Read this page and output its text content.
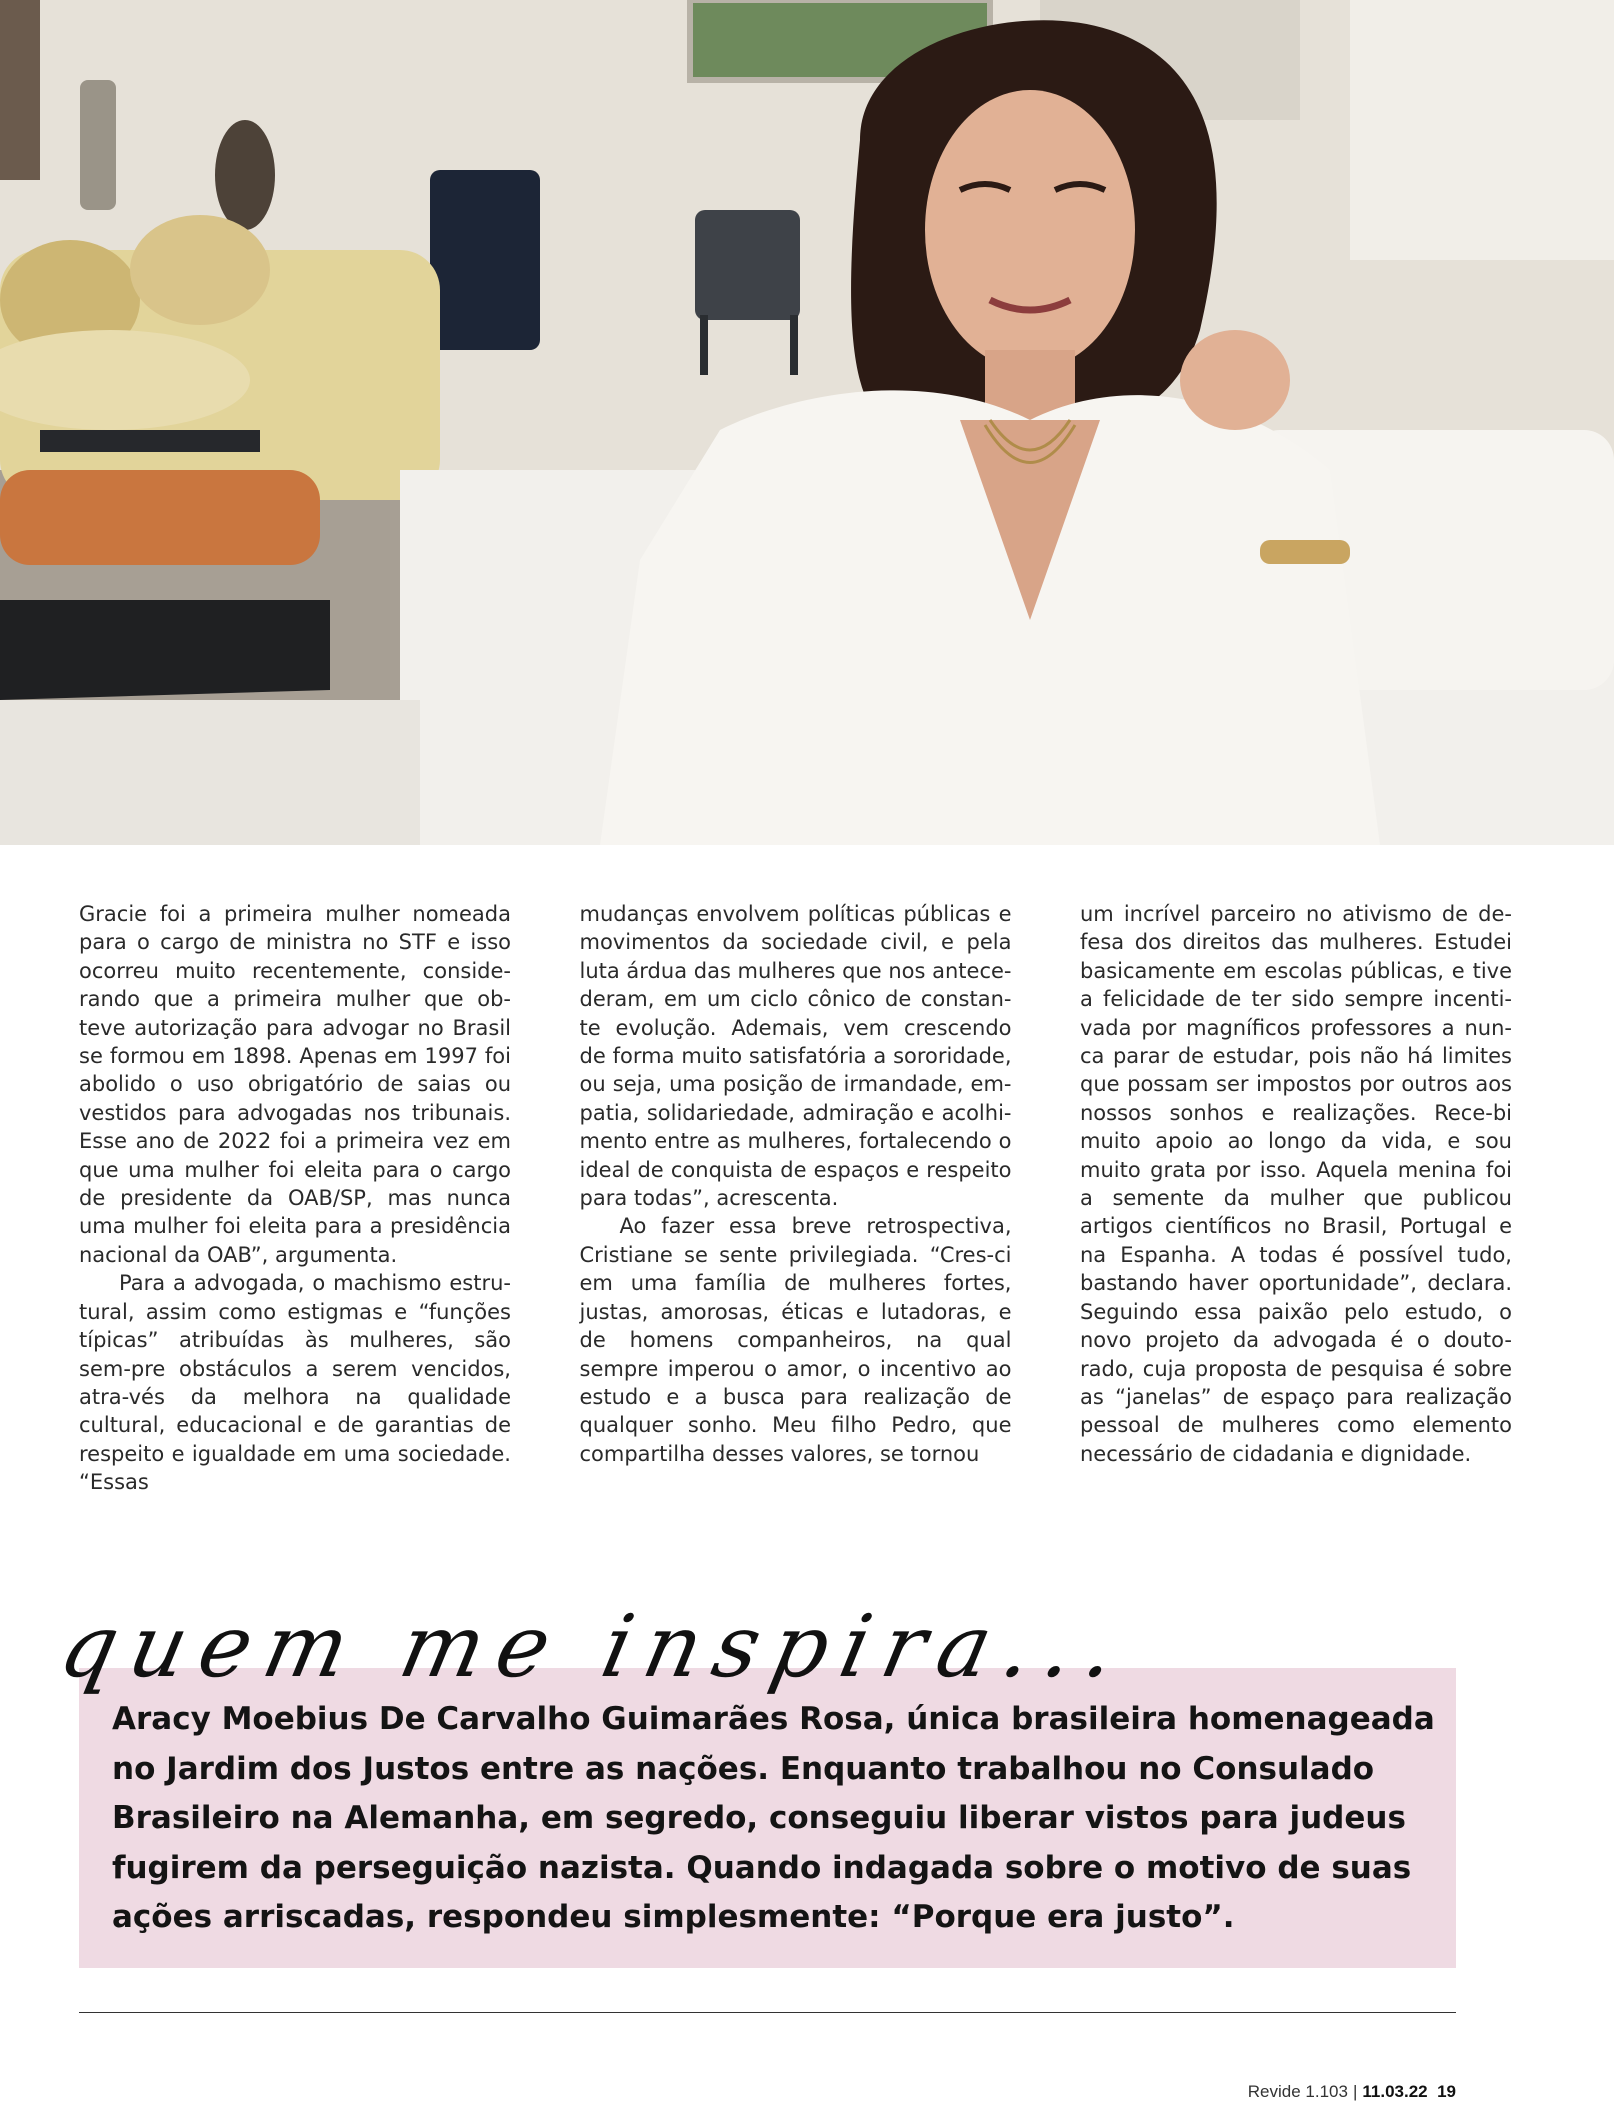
Gracie foi a primeira mulher nomeada para o cargo de ministra no STF e isso ocorreu muito recentemente, conside-rando que a primeira mulher que ob-teve autorização para advogar no Brasil se formou em 1898. Apenas em 1997 foi abolido o uso obrigatório de saias ou vestidos para advogadas nos tribunais. Esse ano de 2022 foi a primeira vez em que uma mulher foi eleita para o cargo de presidente da OAB/SP, mas nunca uma mulher foi eleita para a presidência nacional da OAB”, argumenta.

Para a advogada, o machismo estru-tural, assim como estigmas e “funções típicas” atribuídas às mulheres, são sem-pre obstáculos a serem vencidos, atra-vés da melhora na qualidade cultural, educacional e de garantias de respeito e igualdade em uma sociedade. “Essas

mudanças envolvem políticas públicas e movimentos da sociedade civil, e pela luta árdua das mulheres que nos antece-deram, em um ciclo cônico de constan-te evolução. Ademais, vem crescendo de forma muito satisfatória a sororidade, ou seja, uma posição de irmandade, em-patia, solidariedade, admiração e acolhi-mento entre as mulheres, fortalecendo o ideal de conquista de espaços e respeito para todas”, acrescenta.

Ao fazer essa breve retrospectiva, Cristiane se sente privilegiada. “Cres-ci em uma família de mulheres fortes, justas, amorosas, éticas e lutadoras, e de homens companheiros, na qual sempre imperou o amor, o incentivo ao estudo e a busca para realização de qualquer sonho. Meu filho Pedro, que compartilha desses valores, se tornou

um incrível parceiro no ativismo de de-fesa dos direitos das mulheres. Estudei basicamente em escolas públicas, e tive a felicidade de ter sido sempre incenti-vada por magníficos professores a nun-ca parar de estudar, pois não há limites que possam ser impostos por outros aos nossos sonhos e realizações. Rece-bi muito apoio ao longo da vida, e sou muito grata por isso. Aquela menina foi a semente da mulher que publicou artigos científicos no Brasil, Portugal e na Espanha. A todas é possível tudo, bastando haver oportunidade”, declara. Seguindo essa paixão pelo estudo, o novo projeto da advogada é o douto-rado, cuja proposta de pesquisa é sobre as “janelas” de espaço para realização pessoal de mulheres como elemento necessário de cidadania e dignidade.

quem me inspira...

Aracy Moebius De Carvalho Guimarães Rosa, única brasileira homenageada no Jardim dos Justos entre as nações. Enquanto trabalhou no Consulado Brasileiro na Alemanha, em segredo, conseguiu liberar vistos para judeus fugirem da perseguição nazista. Quando indagada sobre o motivo de suas ações arriscadas, respondeu simplesmente: “Porque era justo”.

Revide 1.103 | 11.03.22 19
